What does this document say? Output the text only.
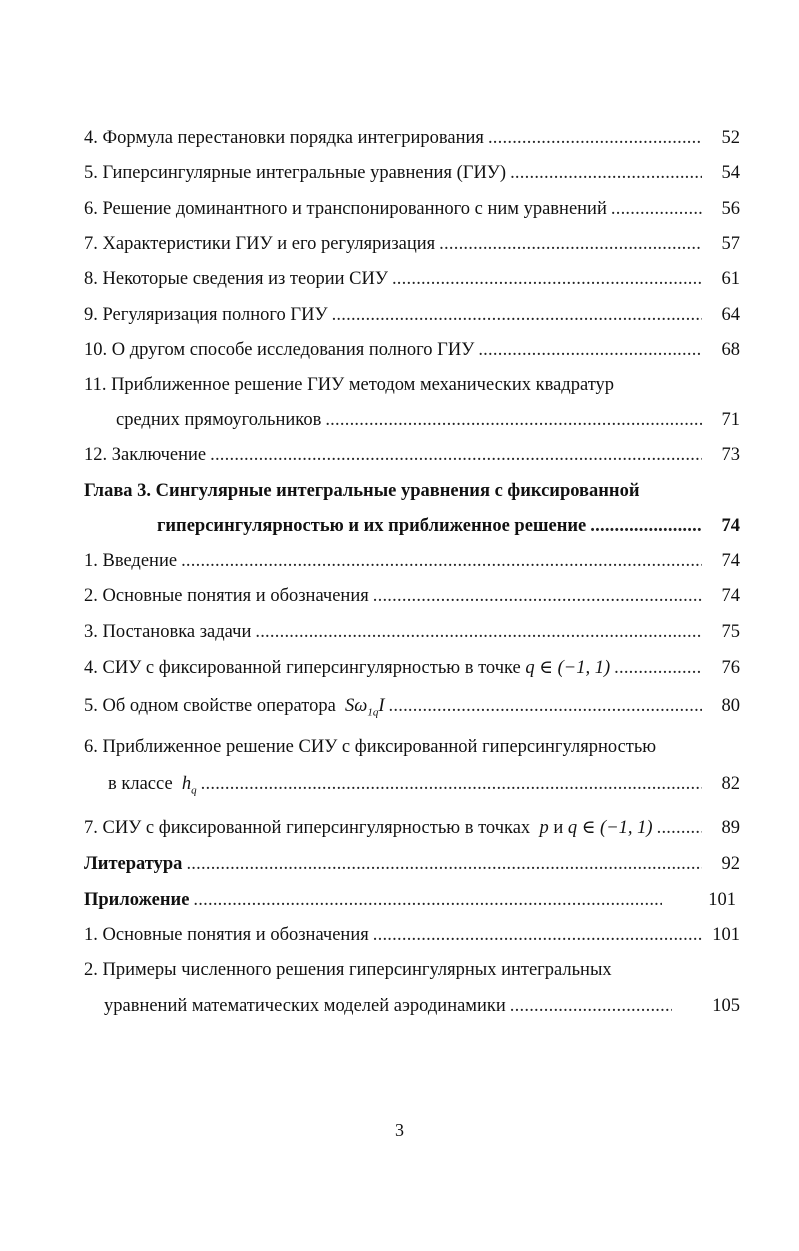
4. Формула перестановки порядка интегрирования . . .	52
5. Гиперсингулярные интегральные уравнения (ГИУ) . . .	54
6. Решение доминантного и транспонированного с ним уравнений . . .	56
7. Характеристики ГИУ и его регуляризация . . .	57
8. Некоторые сведения из теории СИУ . . .	61
9. Регуляризация полного ГИУ . . .	64
10. О другом способе исследования полного ГИУ . . .	68
11. Приближенное решение ГИУ методом механических квадратур
средних прямоугольников . . .	71
12. Заключение . . .	73
Глава 3. Сингулярные интегральные уравнения с фиксированной
гиперсингулярностью и их приближенное решение . . .	74
1. Введение . . .	74
2. Основные понятия и обозначения . . .	74
3. Постановка задачи . . .	75
4. СИУ с фиксированной гиперсингулярностью в точке q ∈ (−1, 1) . . .	76
5. Об одном свойстве оператора $S\omega_{1q}I$ . . .	80
6. Приближенное решение СИУ с фиксированной гиперсингулярностью
в классе $h_q$ . . .	82
7. СИУ с фиксированной гиперсингулярностью в точках p и q ∈ (−1, 1) . . .	89
Литература . . .	92
Приложение . . .	101
1. Основные понятия и обозначения . . .	101
2. Примеры численного решения гиперсингулярных интегральных
уравнений математических моделей аэродинамики . . .	105
3
